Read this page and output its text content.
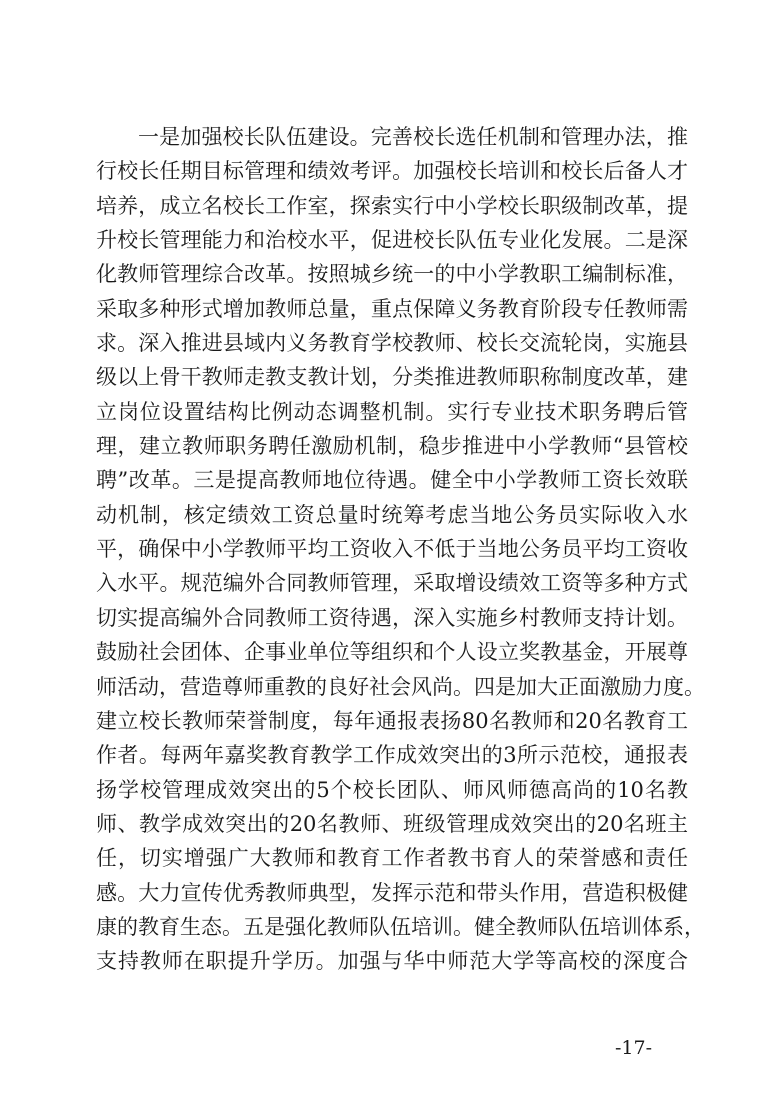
一是加强校长队伍建设。完善校长选任机制和管理办法，推
行校长任期目标管理和绩效考评。加强校长培训和校长后备人才
培养，成立名校长工作室，探索实行中小学校长职级制改革，提
升校长管理能力和治校水平，促进校长队伍专业化发展。二是深
化教师管理综合改革。按照城乡统一的中小学教职工编制标准，
采取多种形式增加教师总量，重点保障义务教育阶段专任教师需
求。深入推进县域内义务教育学校教师、校长交流轮岗，实施县
级以上骨干教师走教支教计划，分类推进教师职称制度改革，建
立岗位设置结构比例动态调整机制。实行专业技术职务聘后管
理，建立教师职务聘任激励机制，稳步推进中小学教师“县管校
聘”改革。三是提高教师地位待遇。健全中小学教师工资长效联
动机制，核定绩效工资总量时统筹考虑当地公务员实际收入水
平，确保中小学教师平均工资收入不低于当地公务员平均工资收
入水平。规范编外合同教师管理，采取增设绩效工资等多种方式
切实提高编外合同教师工资待遇，深入实施乡村教师支持计划。
鼓励社会团体、企事业单位等组织和个人设立奖教基金，开展尊
师活动，营造尊师重教的良好社会风尚。四是加大正面激励力度。
建立校长教师荣誉制度，每年通报表扬80名教师和20名教育工
作者。每两年嘉奖教育教学工作成效突出的3所示范校，通报表
扬学校管理成效突出的5个校长团队、师风师德高尚的10名教
师、教学成效突出的20名教师、班级管理成效突出的20名班主
任，切实增强广大教师和教育工作者教书育人的荣誉感和责任
感。大力宣传优秀教师典型，发挥示范和带头作用，营造积极健
康的教育生态。五是强化教师队伍培训。健全教师队伍培训体系，
支持教师在职提升学历。加强与华中师范大学等高校的深度合
-17-
